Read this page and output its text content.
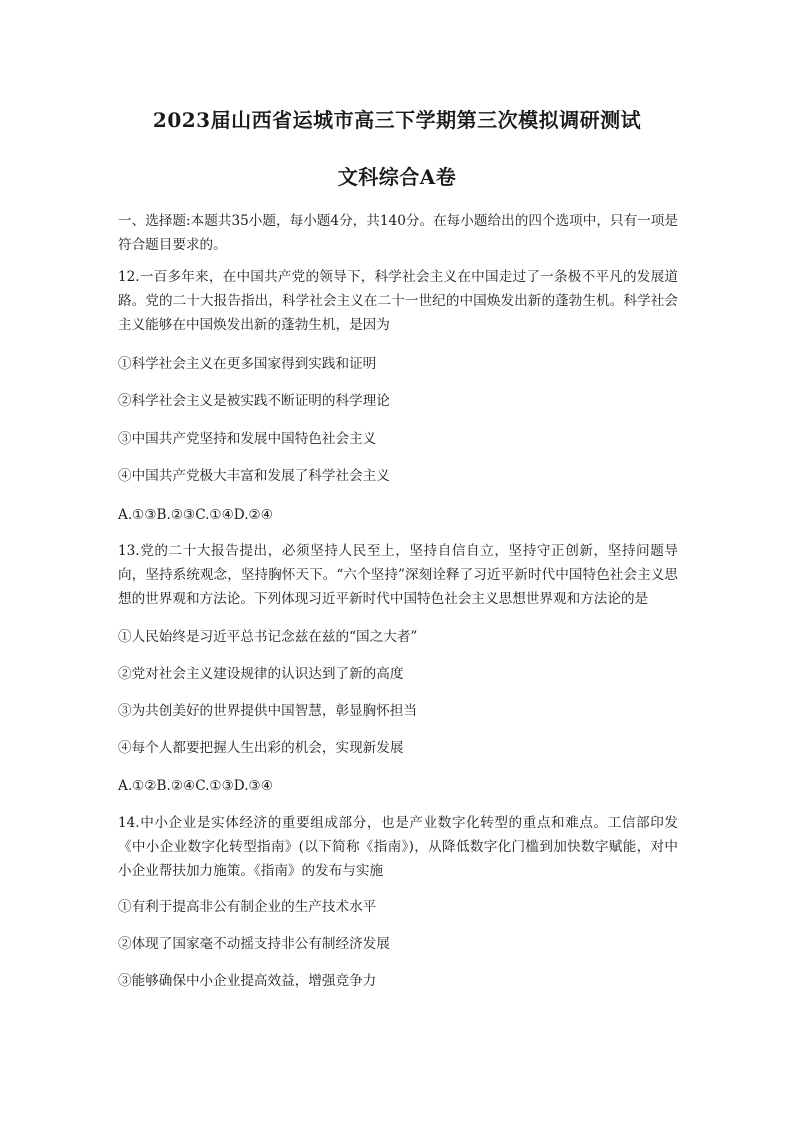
2023届山西省运城市高三下学期第三次模拟调研测试
文科综合A卷
一、选择题:本题共35小题，每小题4分，共140分。在每小题给出的四个选项中，只有一项是符合题目要求的。
12.一百多年来，在中国共产党的领导下，科学社会主义在中国走过了一条极不平凡的发展道路。党的二十大报告指出，科学社会主义在二十一世纪的中国焕发出新的蓬勃生机。科学社会主义能够在中国焕发出新的蓬勃生机，是因为
①科学社会主义在更多国家得到实践和证明
②科学社会主义是被实践不断证明的科学理论
③中国共产党坚持和发展中国特色社会主义
④中国共产党极大丰富和发展了科学社会主义
A.①③B.②③C.①④D.②④
13.党的二十大报告提出，必须坚持人民至上，坚持自信自立，坚持守正创新，坚持问题导向，坚持系统观念，坚持胸怀天下。“六个坚持”深刻诠释了习近平新时代中国特色社会主义思想的世界观和方法论。下列体现习近平新时代中国特色社会主义思想世界观和方法论的是
①人民始终是习近平总书记念兹在兹的“国之大者”
②党对社会主义建设规律的认识达到了新的高度
③为共创美好的世界提供中国智慧，彰显胸怀担当
④每个人都要把握人生出彩的机会，实现新发展
A.①②B.②④C.①③D.③④
14.中小企业是实体经济的重要组成部分，也是产业数字化转型的重点和难点。工信部印发《中小企业数字化转型指南》(以下简称《指南》)，从降低数字化门槛到加快数字赋能，对中小企业帮扶加力施策。《指南》的发布与实施
①有利于提高非公有制企业的生产技术水平
②体现了国家毫不动摇支持非公有制经济发展
③能够确保中小企业提高效益，增强竞争力
